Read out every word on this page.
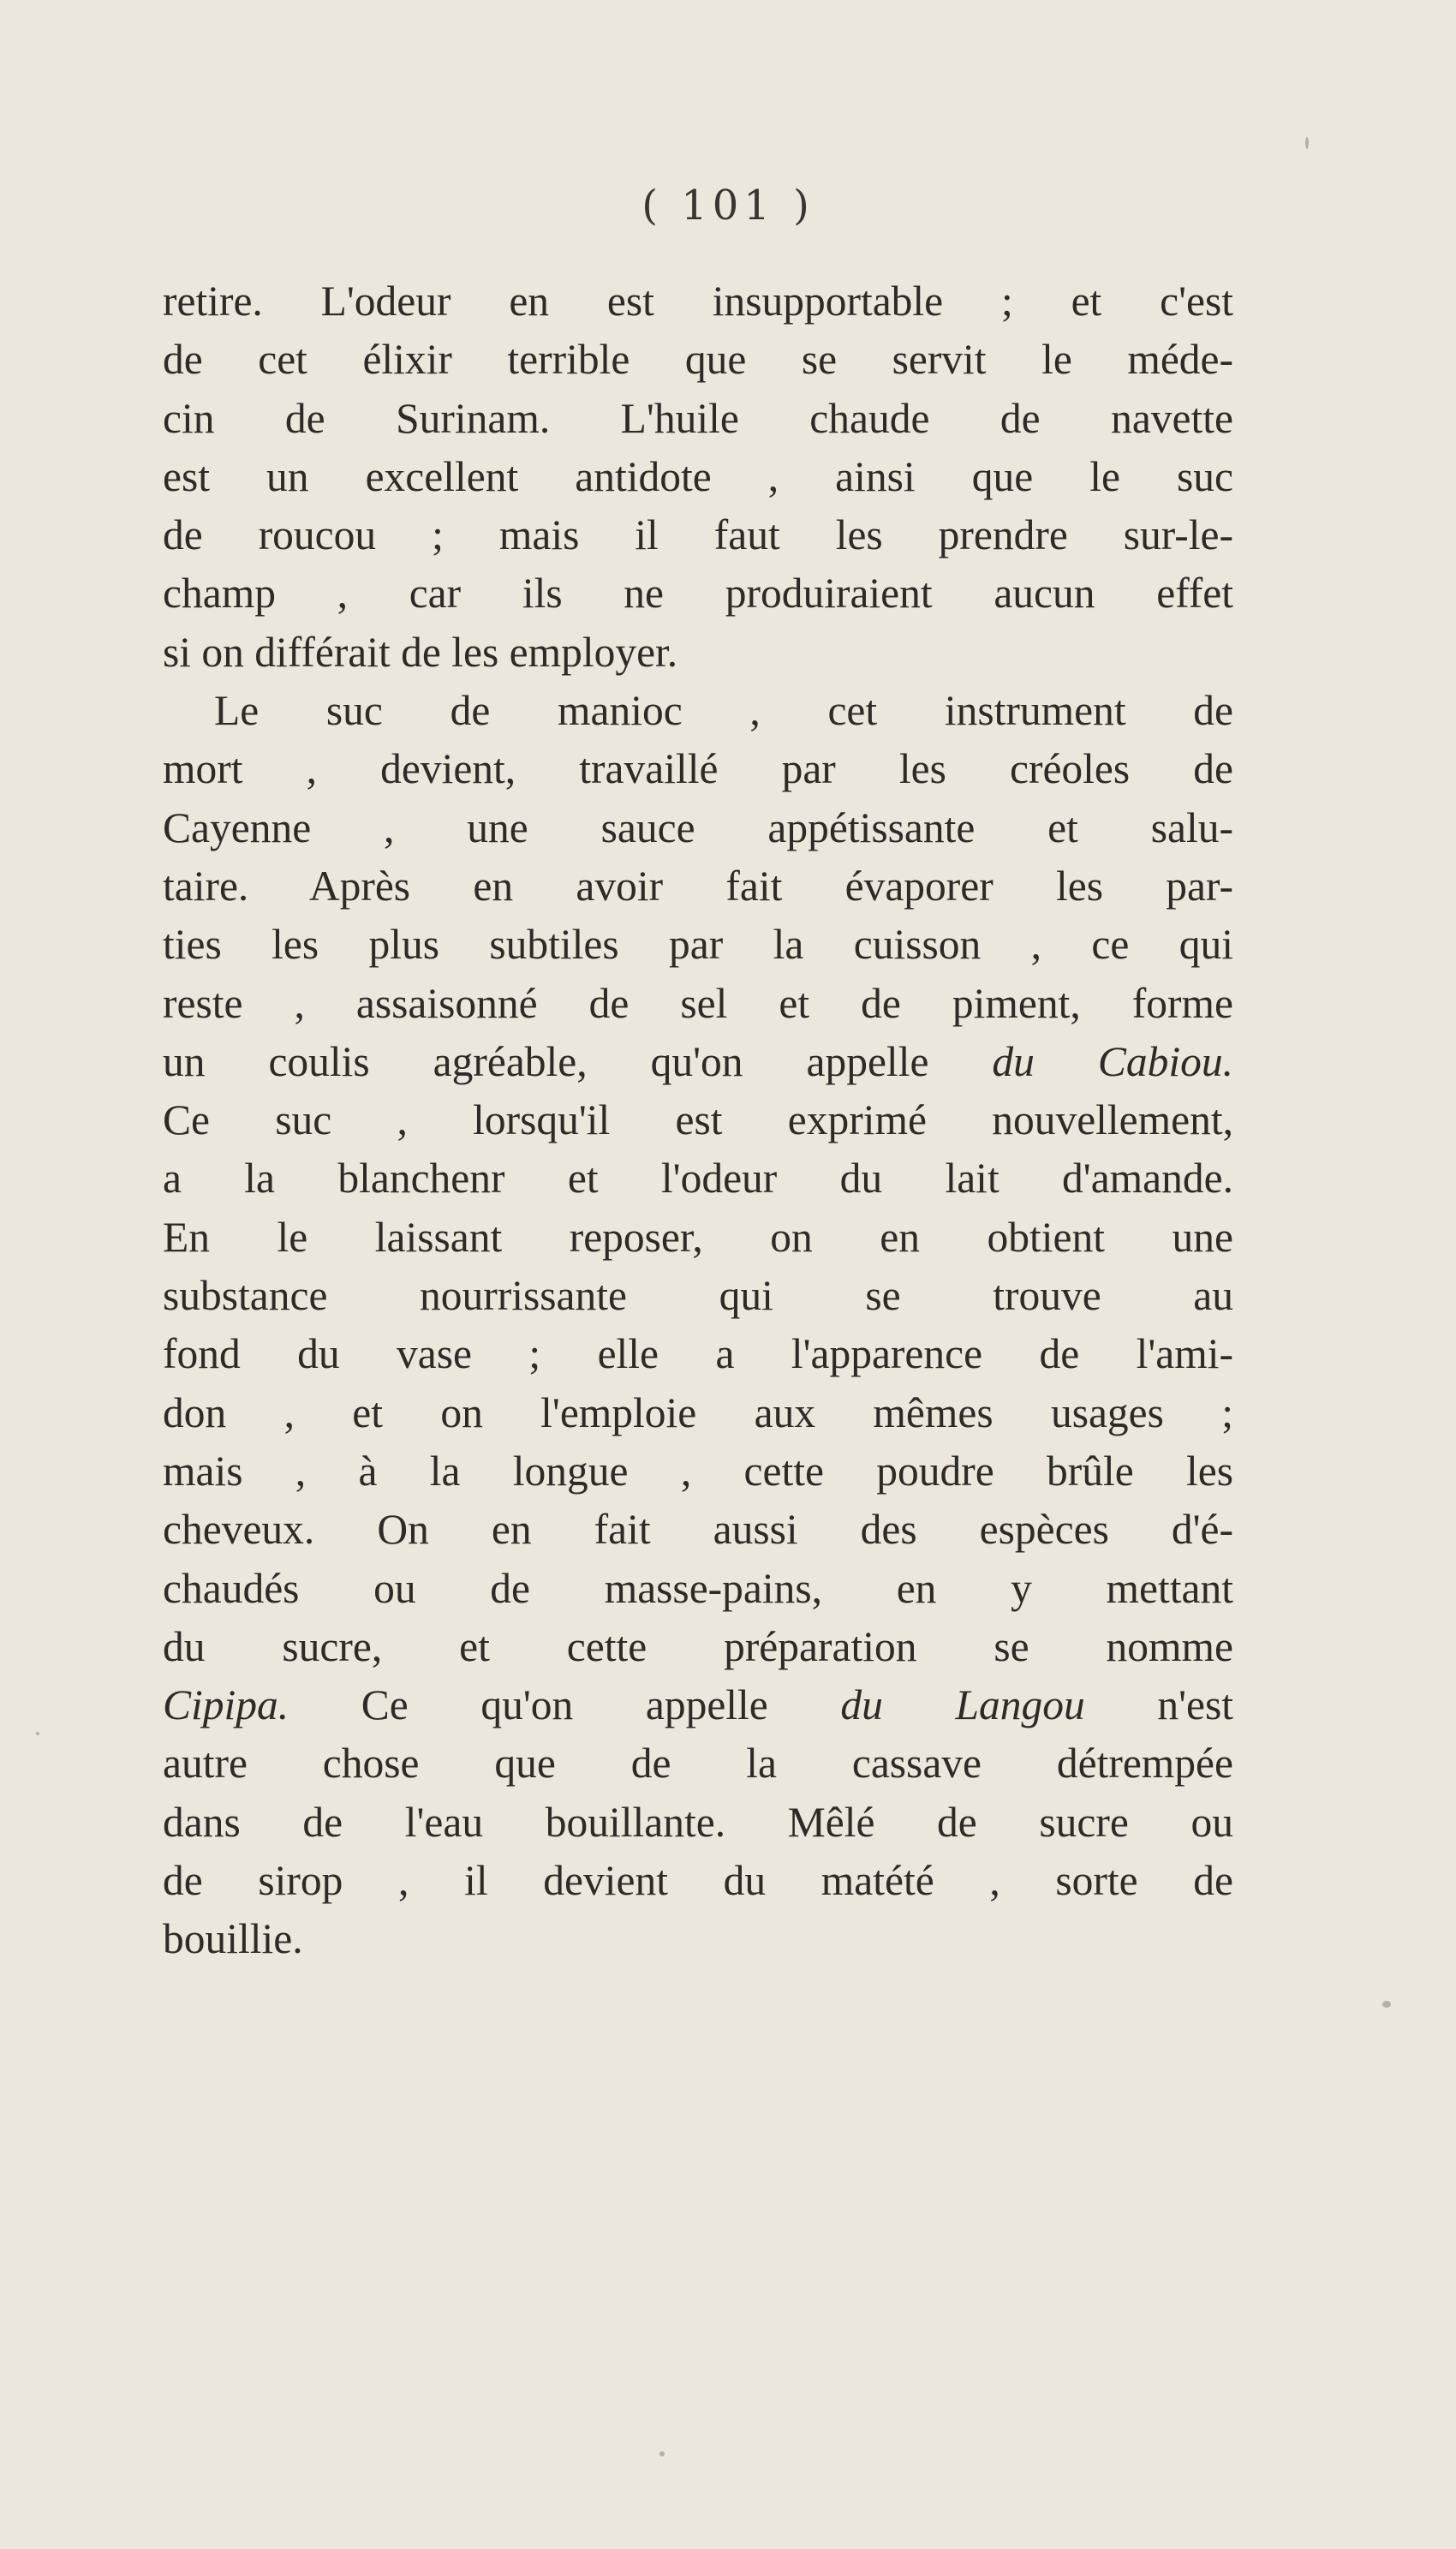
( 101 )
retire. L'odeur en est insupportable ; et c'est
de cet élixir terrible que se servit le méde-
cin de Surinam. L'huile chaude de navette
est un excellent antidote , ainsi que le suc
de roucou ; mais il faut les prendre sur-le-
champ , car ils ne produiraient aucun effet
si on différait de les employer.
Le suc de manioc , cet instrument de
mort , devient, travaillé par les créoles de
Cayenne , une sauce appétissante et salu-
taire. Après en avoir fait évaporer les par-
ties les plus subtiles par la cuisson , ce qui
reste , assaisonné de sel et de piment, forme
un coulis agréable, qu'on appelle du Cabiou.
Ce suc , lorsqu'il est exprimé nouvellement,
a la blanchenr et l'odeur du lait d'amande.
En le laissant reposer, on en obtient une
substance nourrissante qui se trouve au
fond du vase ; elle a l'apparence de l'ami-
don , et on l'emploie aux mêmes usages ;
mais , à la longue , cette poudre brûle les
cheveux. On en fait aussi des espèces d'é-
chaudés ou de masse-pains, en y mettant
du sucre, et cette préparation se nomme
Cipipa. Ce qu'on appelle du Langou n'est
autre chose que de la cassave détrempée
dans de l'eau bouillante. Mêlé de sucre ou
de sirop , il devient du matété , sorte de
bouillie.
